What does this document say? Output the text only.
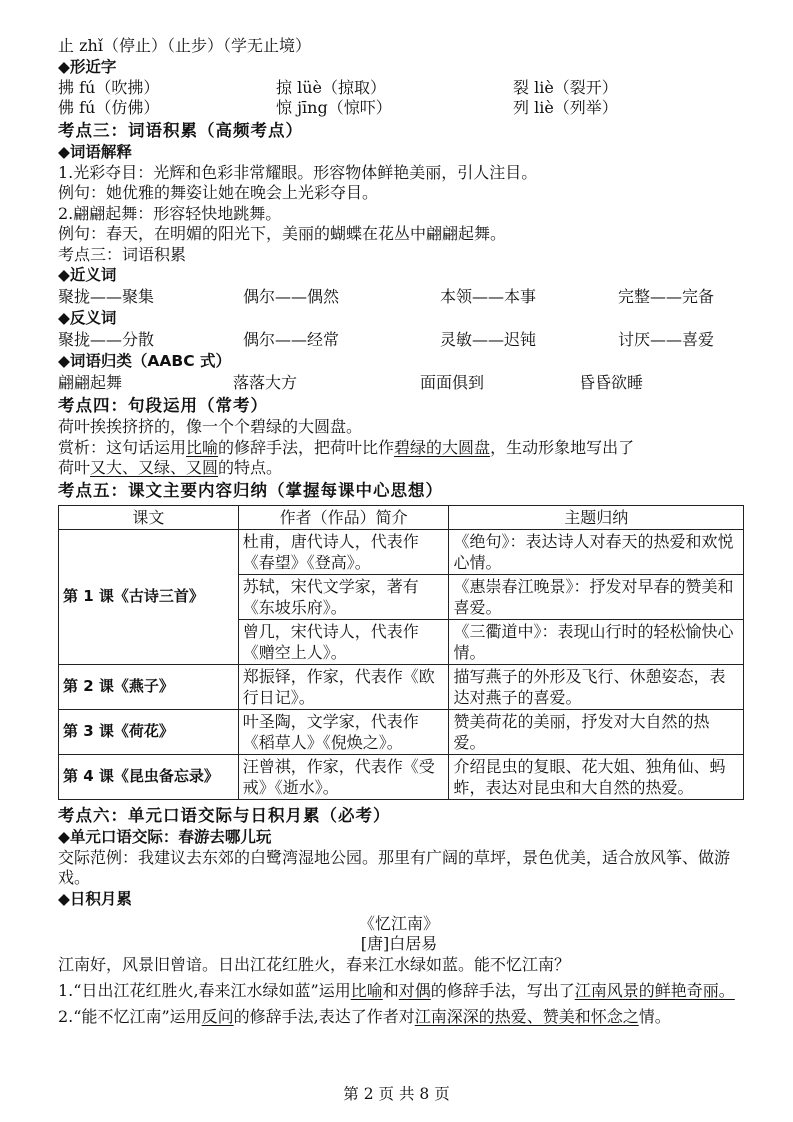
止 zhǐ（停止）（止步）（学无止境）
◆形近字
拂 fú（吹拂）	掠 lüè（掠取）	裂 liè（裂开）
佛 fú（仿佛）	惊 jīng（惊吓）	列 liè（列举）
考点三：词语积累（高频考点）
◆词语解释
1.光彩夺目：光辉和色彩非常耀眼。形容物体鲜艳美丽，引人注目。
例句：她优雅的舞姿让她在晚会上光彩夺目。
2.翩翩起舞：形容轻快地跳舞。
例句：春天，在明媚的阳光下，美丽的蝴蝶在花丛中翩翩起舞。
考点三：词语积累
◆近义词
聚拢——聚集	偶尔——偶然	本领——本事	完整——完备
◆反义词
聚拢——分散	偶尔——经常	灵敏——迟钝	讨厌——喜爱
◆词语归类（AABC 式）
翩翩起舞	落落大方	面面俱到	昏昏欲睡
考点四：句段运用（常考）
荷叶挨挨挤挤的，像一个个碧绿的大圆盘。
赏析：这句话运用比喻的修辞手法，把荷叶比作碧绿的大圆盘，生动形象地写出了
荷叶又大、又绿、又圆的特点。
考点五：课文主要内容归纳（掌握每课中心思想）
课文	作者（作品）简介	主题归纳
第 1 课《古诗三首》	杜甫，唐代诗人，代表作《春望》《登高》。	《绝句》：表达诗人对春天的热爱和欢悦心情。
	苏轼，宋代文学家，著有《东坡乐府》。	《惠崇春江晚景》：抒发对早春的赞美和喜爱。
	曾几，宋代诗人，代表作《赠空上人》。	《三衢道中》：表现山行时的轻松愉快心情。
第 2 课《燕子》	郑振铎，作家，代表作《欧行日记》。	描写燕子的外形及飞行、休憩姿态，表达对燕子的喜爱。
第 3 课《荷花》	叶圣陶，文学家，代表作《稻草人》《倪焕之》。	赞美荷花的美丽，抒发对大自然的热爱。
第 4 课《昆虫备忘录》	汪曾祺，作家，代表作《受戒》《逝水》。	介绍昆虫的复眼、花大姐、独角仙、蚂蚱，表达对昆虫和大自然的热爱。
考点六：单元口语交际与日积月累（必考）
◆单元口语交际：春游去哪儿玩
交际范例：我建议去东郊的白鹭湾湿地公园。那里有广阔的草坪，景色优美，适合放风筝、做游戏。
◆日积月累
《忆江南》
[唐]白居易
江南好，风景旧曾谙。日出江花红胜火，春来江水绿如蓝。能不忆江南？
1.“日出江花红胜火,春来江水绿如蓝”运用比喻和对偶的修辞手法，写出了江南风景的鲜艳奇丽。
2.“能不忆江南”运用反问的修辞手法,表达了作者对江南深深的热爱、赞美和怀念之情。
第 2 页 共 8 页
